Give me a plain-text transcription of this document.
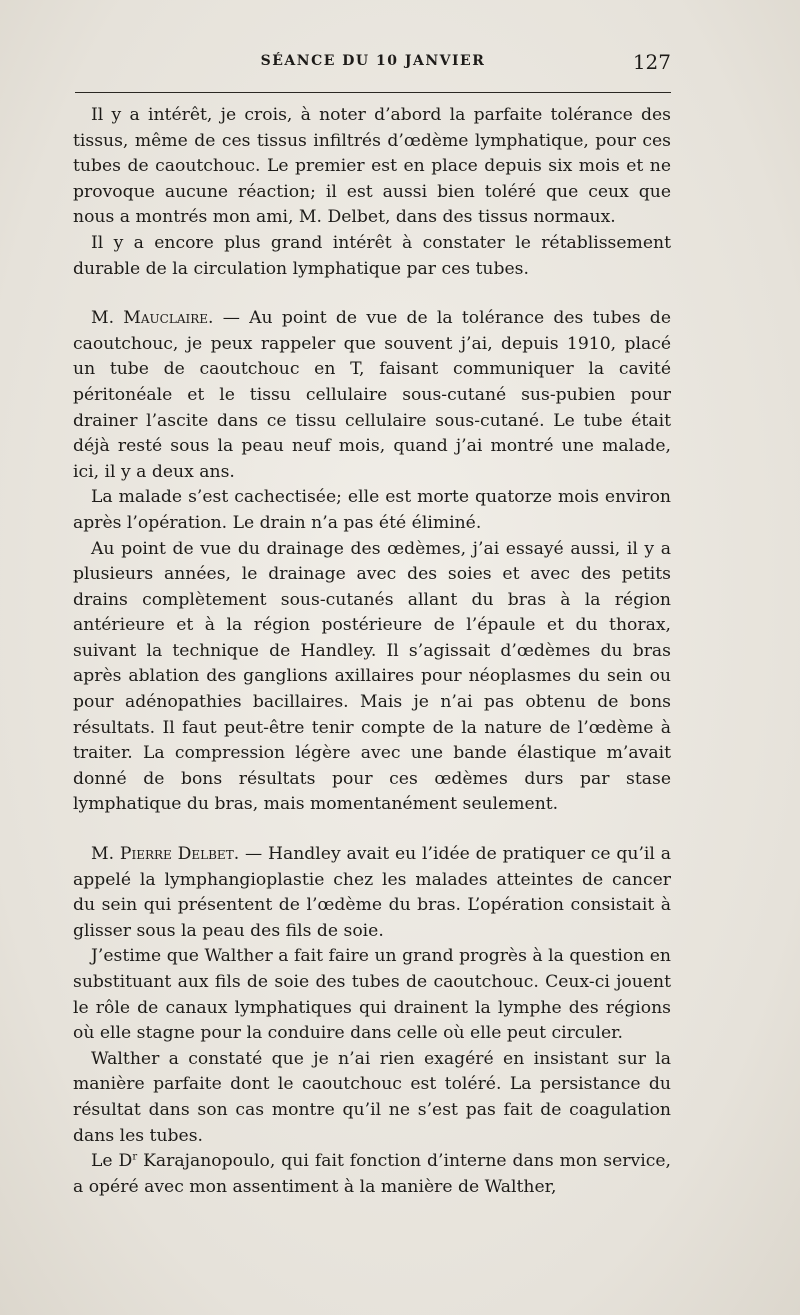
SÉANCE DU 10 JANVIER	127

Il y a intérêt, je crois, à noter d’abord la parfaite tolérance des tissus, même de ces tissus infiltrés d’œdème lymphatique, pour ces tubes de caoutchouc. Le premier est en place depuis six mois et ne provoque aucune réaction; il est aussi bien toléré que ceux que nous a montrés mon ami, M. Delbet, dans des tissus normaux.

Il y a encore plus grand intérêt à constater le rétablissement durable de la circulation lymphatique par ces tubes.

M. Mauclaire. — Au point de vue de la tolérance des tubes de caoutchouc, je peux rappeler que souvent j’ai, depuis 1910, placé un tube de caoutchouc en T, faisant communiquer la cavité péritonéale et le tissu cellulaire sous-cutané sus-pubien pour drainer l’ascite dans ce tissu cellulaire sous-cutané. Le tube était déjà resté sous la peau neuf mois, quand j’ai montré une malade, ici, il y a deux ans.

La malade s’est cachectisée; elle est morte quatorze mois environ après l’opération. Le drain n’a pas été éliminé.

Au point de vue du drainage des œdèmes, j’ai essayé aussi, il y a plusieurs années, le drainage avec des soies et avec des petits drains complètement sous-cutanés allant du bras à la région antérieure et à la région postérieure de l’épaule et du thorax, suivant la technique de Handley. Il s’agissait d’œdèmes du bras après ablation des ganglions axillaires pour néoplasmes du sein ou pour adénopathies bacillaires. Mais je n’ai pas obtenu de bons résultats. Il faut peut-être tenir compte de la nature de l’œdème à traiter. La compression légère avec une bande élastique m’avait donné de bons résultats pour ces œdèmes durs par stase lymphatique du bras, mais momentanément seulement.

M. Pierre Delbet. — Handley avait eu l’idée de pratiquer ce qu’il a appelé la lymphangioplastie chez les malades atteintes de cancer du sein qui présentent de l’œdème du bras. L’opération consistait à glisser sous la peau des fils de soie.

J’estime que Walther a fait faire un grand progrès à la question en substituant aux fils de soie des tubes de caoutchouc. Ceux-ci jouent le rôle de canaux lymphatiques qui drainent la lymphe des régions où elle stagne pour la conduire dans celle où elle peut circuler.

Walther a constaté que je n’ai rien exagéré en insistant sur la manière parfaite dont le caoutchouc est toléré. La persistance du résultat dans son cas montre qu’il ne s’est pas fait de coagulation dans les tubes.

Le $D^r$ Karajanopoulo, qui fait fonction d’interne dans mon service, a opéré avec mon assentiment à la manière de Walther,
